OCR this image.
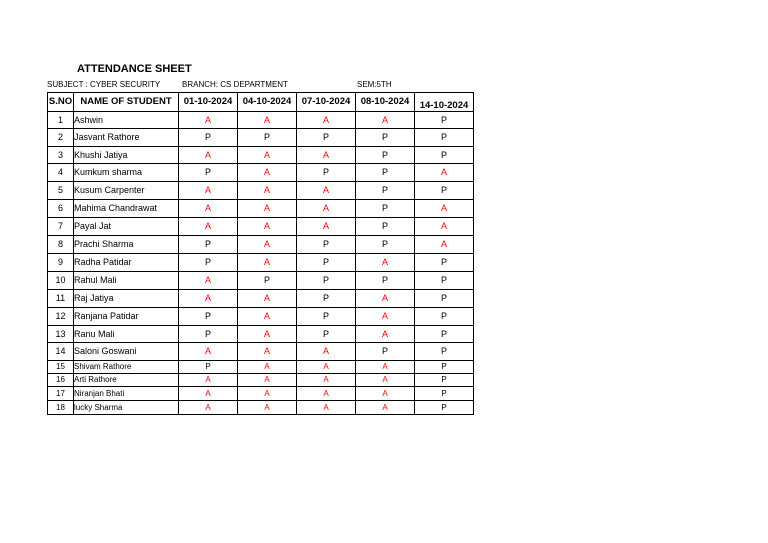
ATTENDANCE SHEET
SUBJECT : CYBER SECURITY	BRANCH: CS DEPARTMENT	SEM:5TH
S.NO	NAME OF STUDENT	01-10-2024	04-10-2024	07-10-2024	08-10-2024	14-10-2024
1	Ashwin	A	A	A	A	P
2	Jasvant Rathore	P	P	P	P	P
3	Khushi Jatiya	A	A	A	P	P
4	Kumkum sharma	P	A	P	P	A
5	Kusum Carpenter	A	A	A	P	P
6	Mahima Chandrawat	A	A	A	P	A
7	Payal Jat	A	A	A	P	A
8	Prachi Sharma	P	A	P	P	A
9	Radha Patidar	P	A	P	A	P
10	Rahul Mali	A	P	P	P	P
11	Raj Jatiya	A	A	P	A	P
12	Ranjana Patidar	P	A	P	A	P
13	Ranu Mali	P	A	P	A	P
14	Saloni Goswani	A	A	A	P	P
15	Shivam Rathore	P	A	A	A	P
16	Arti Rathore	A	A	A	A	P
17	Niranjan Bhati	A	A	A	A	P
18	lucky Sharma	A	A	A	A	P
